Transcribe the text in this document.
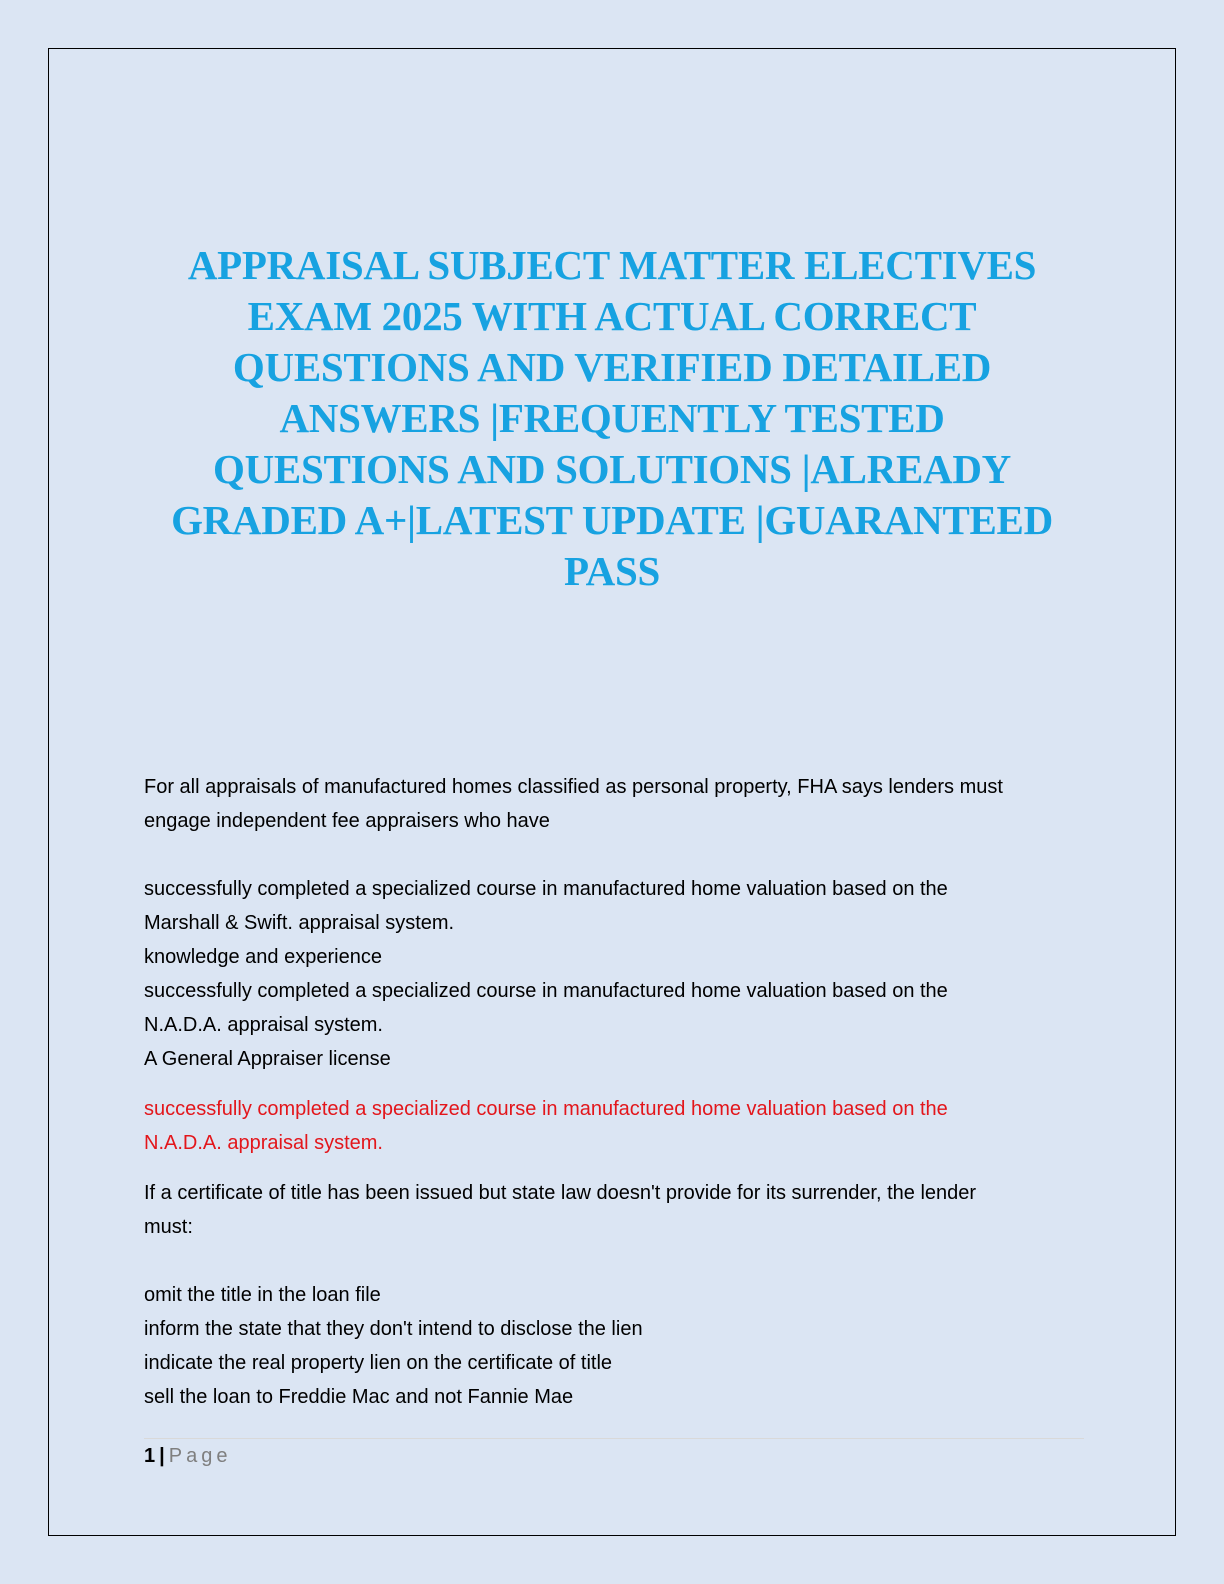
APPRAISAL SUBJECT MATTER ELECTIVES
EXAM 2025 WITH ACTUAL CORRECT
QUESTIONS AND VERIFIED DETAILED
ANSWERS |FREQUENTLY TESTED
QUESTIONS AND SOLUTIONS |ALREADY
GRADED A+|LATEST UPDATE |GUARANTEED
PASS

For all appraisals of manufactured homes classified as personal property, FHA says lenders must

engage independent fee appraisers who have

successfully completed a specialized course in manufactured home valuation based on the

Marshall & Swift. appraisal system.

knowledge and experience

successfully completed a specialized course in manufactured home valuation based on the

N.A.D.A. appraisal system.

A General Appraiser license

successfully completed a specialized course in manufactured home valuation based on the

N.A.D.A. appraisal system.

If a certificate of title has been issued but state law doesn't provide for its surrender, the lender

must:

omit the title in the loan file

inform the state that they don't intend to disclose the lien

indicate the real property lien on the certificate of title

sell the loan to Freddie Mac and not Fannie Mae

1 | Page
